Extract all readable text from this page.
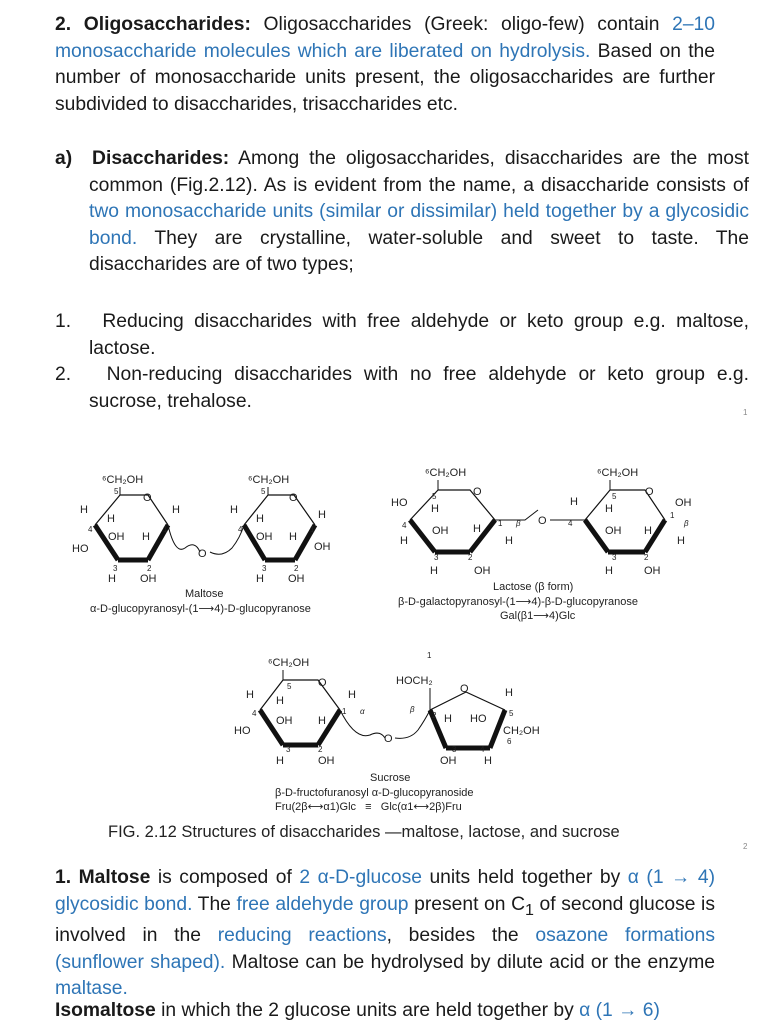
2. Oligosaccharides: Oligosaccharides (Greek: oligo-few) contain 2–10 monosaccharide molecules which are liberated on hydrolysis. Based on the number of monosaccharide units present, the oligosaccharides are further subdivided to disaccharides, trisaccharides etc.
a) Disaccharides: Among the oligosaccharides, disaccharides are the most common (Fig.2.12). As is evident from the name, a disaccharide consists of two monosaccharide units (similar or dissimilar) held together by a glycosidic bond. They are crystalline, water-soluble and sweet to taste. The disaccharides are of two types;
1. Reducing disaccharides with free aldehyde or keto group e.g. maltose, lactose.
2. Non-reducing disaccharides with no free aldehyde or keto group e.g. sucrose, trehalose.
1
⁶CH₂OH
5
O
H
H
H
4
OH H
1
HO
3	2
H OH
O
⁶CH₂OH
5
O
H
H	H
4
OH H
1
OH
3	2
H OH
Maltose
α-D-glucopyranosyl-(1⟶4)-D-glucopyranose
⁶CH₂OH
5	O
HO H
4 OH H 1
H	H
3	2
H	OH
β O
⁶CH₂OH
H	5
H
O
OH
4
OH H
1
β
H
3	2
H	OH
Lactose (β form)
β-D-galactopyranosyl-(1⟶4)-β-D-glucopyranose
Gal(β1⟶4)Glc
⁶CH₂OH
5 O
H H	H
4
OH H
1 α
HO
3	2
H	OH
O
1
HOCH₂
β
2
O	H
H HO	5
CH₂OH
6
3	4
OH	H
Sucrose
β-D-fructofuranosyl α-D-glucopyranoside
Fru(2β⟷α1)Glc   ≡   Glc(α1⟷2β)Fru
FIG. 2.12 Structures of disaccharides —maltose, lactose, and sucrose
2
1. Maltose is composed of 2 α-D-glucose units held together by α (1 → 4) glycosidic bond. The free aldehyde group present on $C_1$ of second glucose is involved in the reducing reactions, besides the osazone formations (sunflower shaped). Maltose can be hydrolysed by dilute acid or the enzyme maltase.
Isomaltose in which the 2 glucose units are held together by α (1 → 6)
